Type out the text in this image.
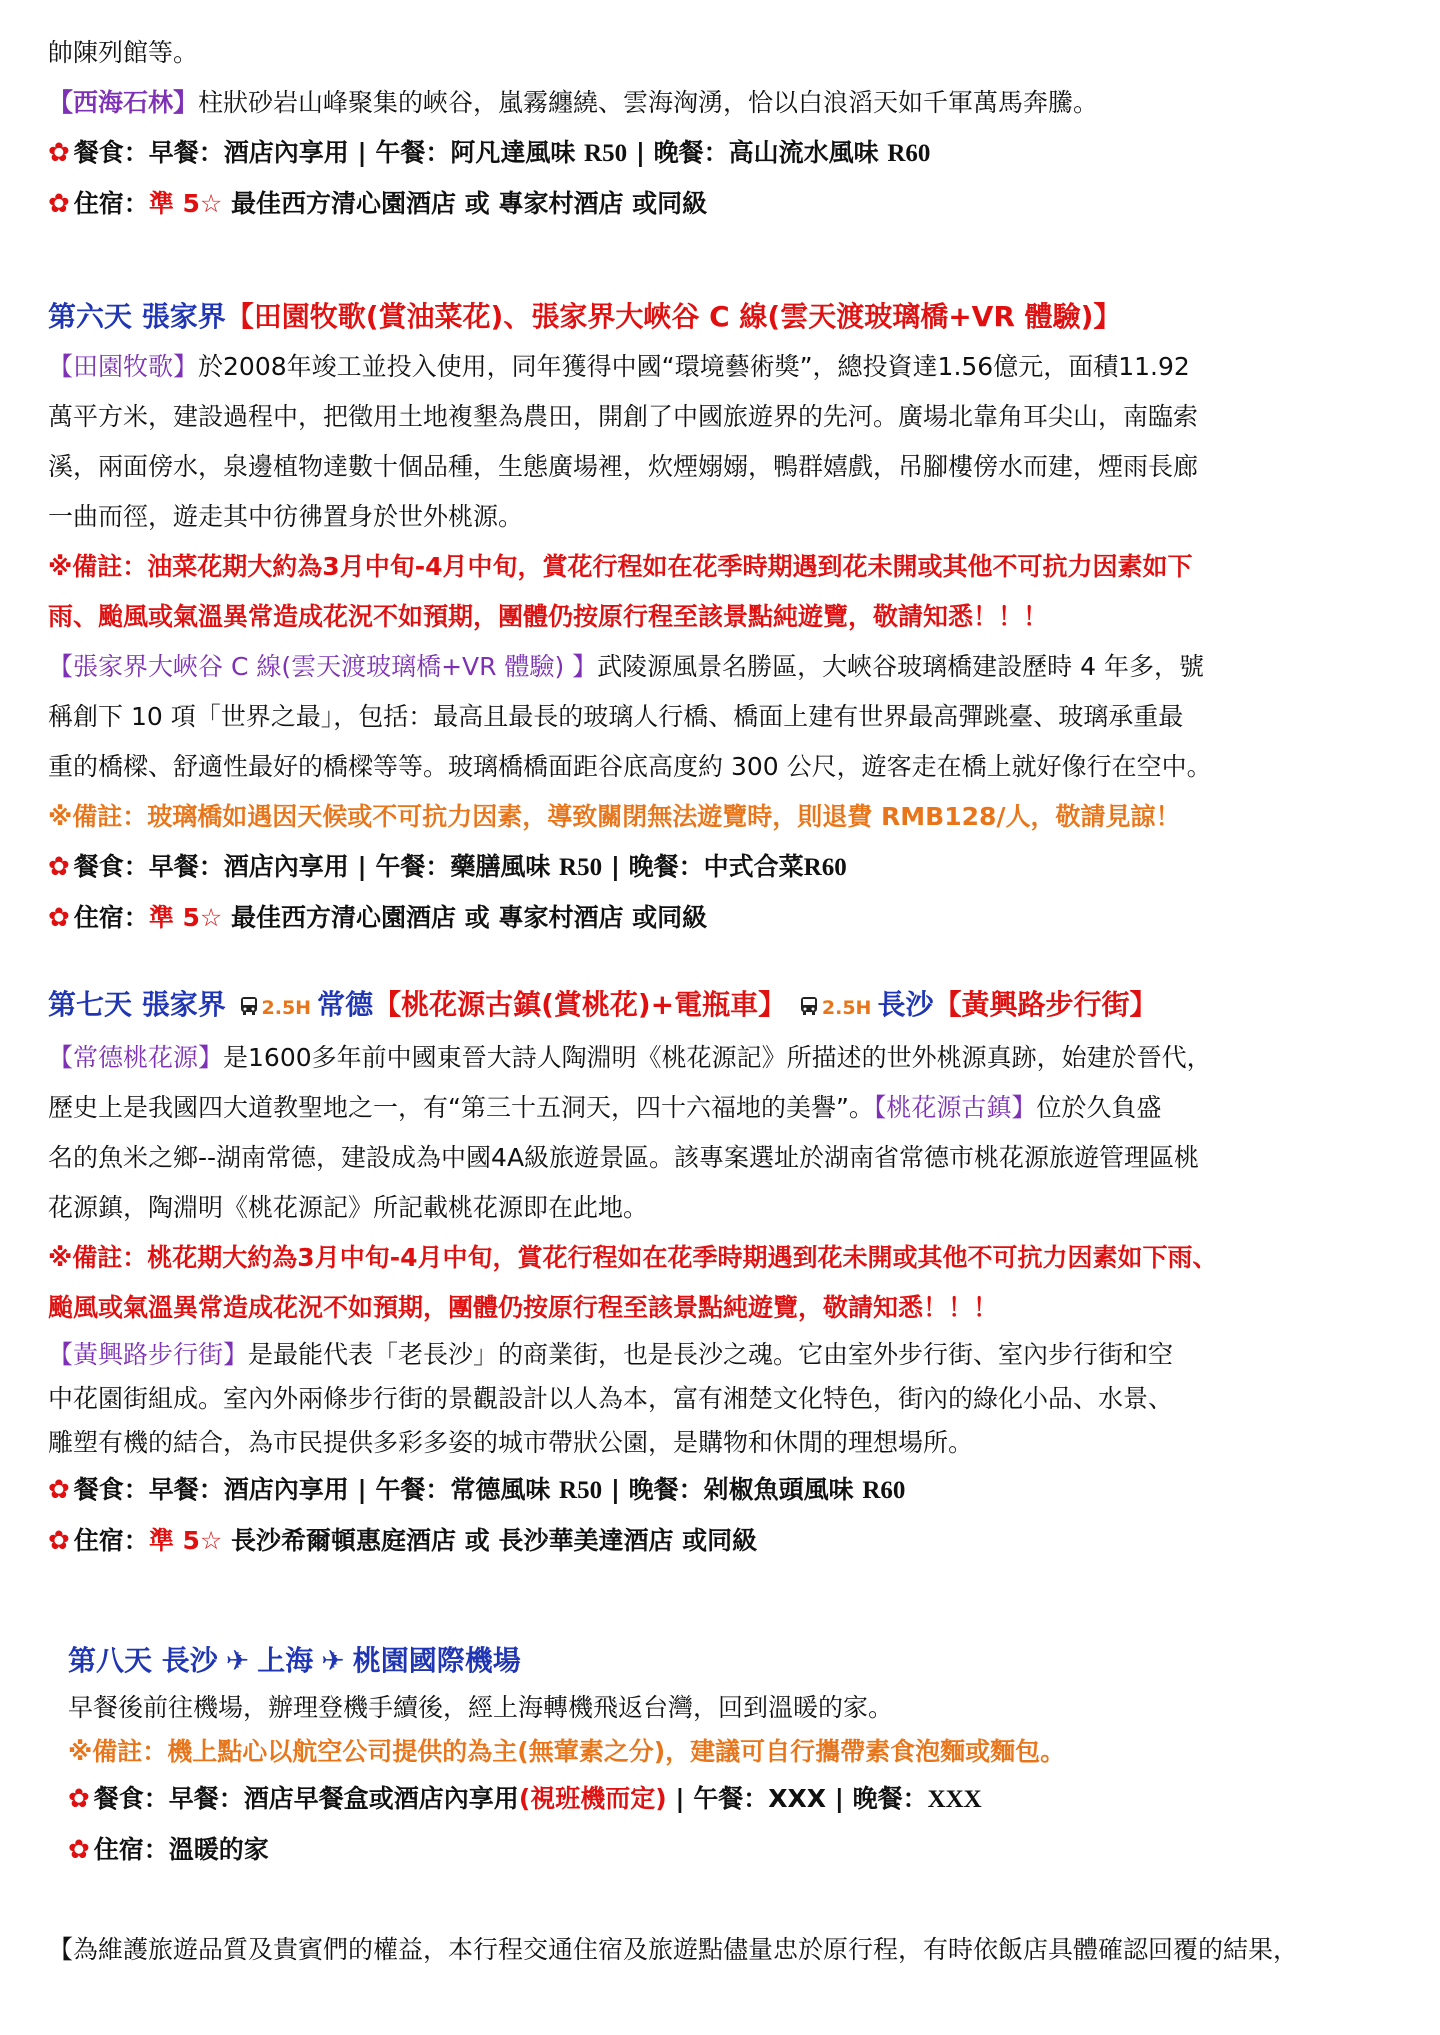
帥陳列館等。
【西海石林】柱狀砂岩山峰聚集的峽谷，嵐霧纏繞、雲海洶湧，恰以白浪滔天如千軍萬馬奔騰。
✿ 餐食：早餐：酒店內享用 | 午餐：阿凡達風味 R50 | 晚餐：高山流水風味 R60
✿ 住宿：準 5☆ 最佳西方清心園酒店 或 專家村酒店 或同級
第六天 張家界【田園牧歌(賞油菜花)、張家界大峽谷 C 線(雲天渡玻璃橋+VR 體驗)】
【田園牧歌】於2008年竣工並投入使用，同年獲得中國“環境藝術獎”，總投資達1.56億元，面積11.92
萬平方米，建設過程中，把徵用土地複墾為農田，開創了中國旅遊界的先河。廣場北靠角耳尖山，南臨索
溪，兩面傍水，泉邊植物達數十個品種，生態廣場裡，炊煙嫋嫋，鴨群嬉戲，吊腳樓傍水而建，煙雨長廊
一曲而徑，遊走其中彷彿置身於世外桃源。
※備註：油菜花期大約為3月中旬-4月中旬，賞花行程如在花季時期遇到花未開或其他不可抗力因素如下
雨、颱風或氣溫異常造成花況不如預期，團體仍按原行程至該景點純遊覽，敬請知悉！！！
【張家界大峽谷 C 線(雲天渡玻璃橋+VR 體驗) 】武陵源風景名勝區，大峽谷玻璃橋建設歷時 4 年多，號
稱創下 10 項「世界之最」，包括：最高且最長的玻璃人行橋、橋面上建有世界最高彈跳臺、玻璃承重最
重的橋樑、舒適性最好的橋樑等等。玻璃橋橋面距谷底高度約 300 公尺，遊客走在橋上就好像行在空中。
※備註：玻璃橋如遇因天候或不可抗力因素，導致關閉無法遊覽時，則退費 RMB128/人，敬請見諒！
✿ 餐食：早餐：酒店內享用 | 午餐：藥膳風味 R50 | 晚餐：中式合菜R60
✿ 住宿：準 5☆ 最佳西方清心園酒店 或 專家村酒店 或同級
第七天 張家界 2.5H 常德【桃花源古鎮(賞桃花)+電瓶車】 2.5H 長沙【黃興路步行街】
【常德桃花源】是1600多年前中國東晉大詩人陶淵明《桃花源記》所描述的世外桃源真跡，始建於晉代，
歷史上是我國四大道教聖地之一，有“第三十五洞天，四十六福地的美譽”。【桃花源古鎮】位於久負盛
名的魚米之鄉--湖南常德，建設成為中國4A級旅遊景區。該專案選址於湖南省常德市桃花源旅遊管理區桃
花源鎮，陶淵明《桃花源記》所記載桃花源即在此地。
※備註：桃花期大約為3月中旬-4月中旬，賞花行程如在花季時期遇到花未開或其他不可抗力因素如下雨、
颱風或氣溫異常造成花況不如預期，團體仍按原行程至該景點純遊覽，敬請知悉！！！
【黃興路步行街】是最能代表「老長沙」的商業街，也是長沙之魂。它由室外步行街、室內步行街和空
中花園街組成。室內外兩條步行街的景觀設計以人為本，富有湘楚文化特色，街內的綠化小品、水景、
雕塑有機的結合，為市民提供多彩多姿的城市帶狀公園，是購物和休閒的理想場所。
✿ 餐食：早餐：酒店內享用 | 午餐：常德風味 R50 | 晚餐：剁椒魚頭風味 R60
✿ 住宿：準 5☆ 長沙希爾頓惠庭酒店 或 長沙華美達酒店 或同級
第八天 長沙 ✈ 上海 ✈ 桃園國際機場
早餐後前往機場，辦理登機手續後，經上海轉機飛返台灣，回到溫暖的家。
※備註：機上點心以航空公司提供的為主(無葷素之分)，建議可自行攜帶素食泡麵或麵包。
✿ 餐食：早餐：酒店早餐盒或酒店內享用(視班機而定) | 午餐：XXX | 晚餐：XXX
✿ 住宿：溫暖的家
【為維護旅遊品質及貴賓們的權益，本行程交通住宿及旅遊點儘量忠於原行程，有時依飯店具體確認回覆的結果，
